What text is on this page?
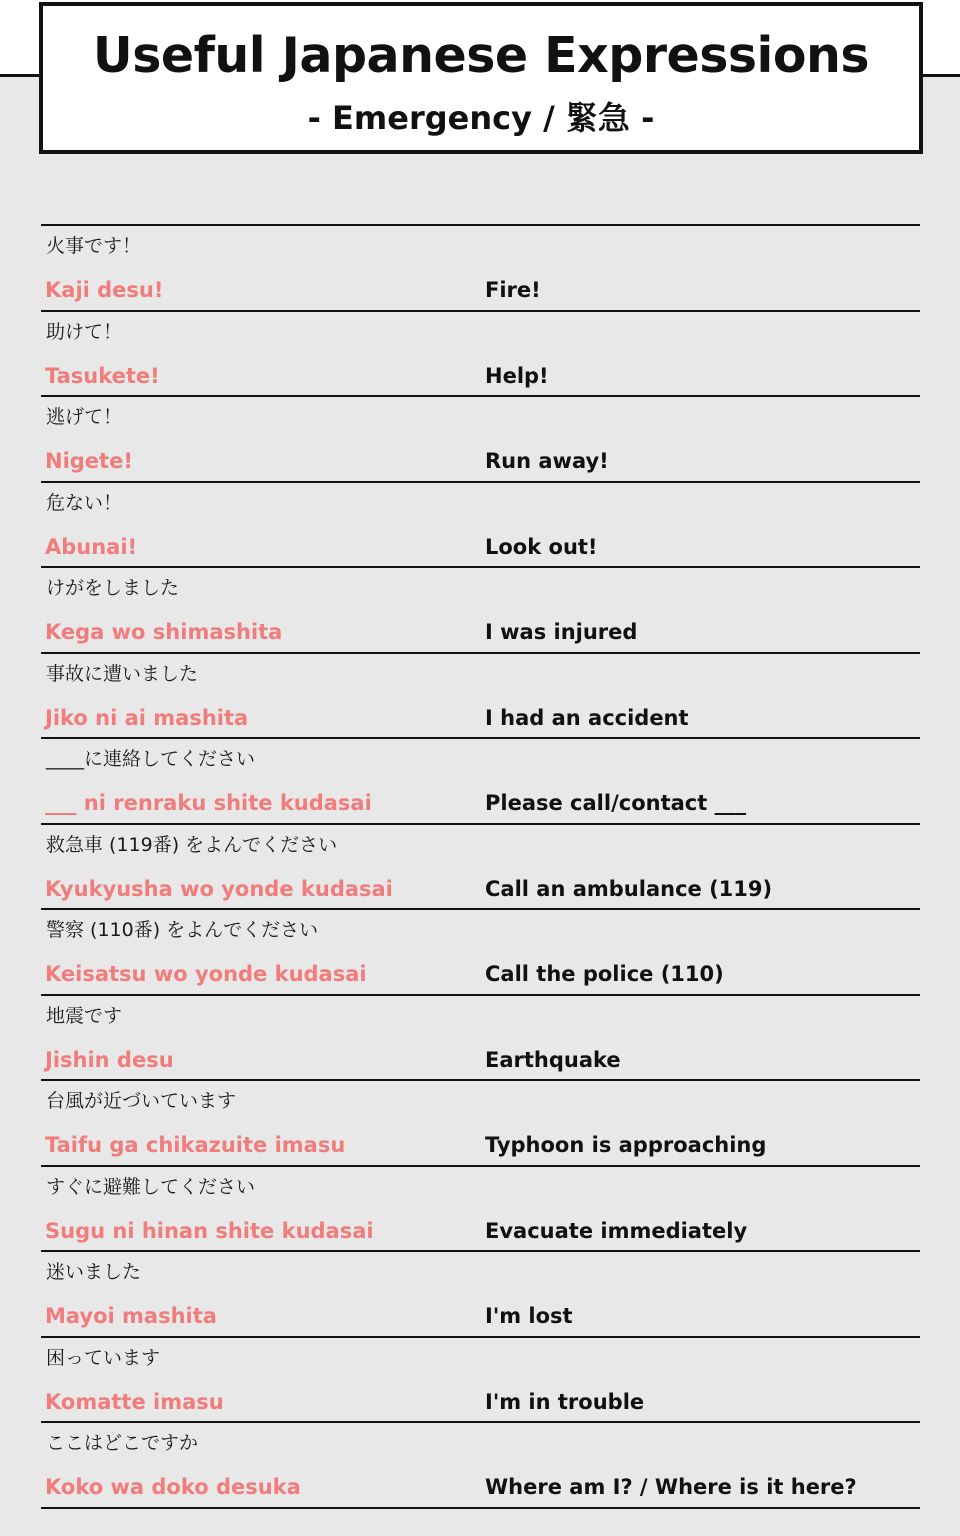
Useful Japanese Expressions
- Emergency / 緊急 -
火事です！
Kaji desu!	Fire!
助けて！
Tasukete!	Help!
逃げて！
Nigete!	Run away!
危ない！
Abunai!	Look out!
けがをしました
Kega wo shimashita	I was injured
事故に遭いました
Jiko ni ai mashita	I had an accident
____に連絡してください
___ ni renraku shite kudasai	Please call/contact ___
救急車 (119番) をよんでください
Kyukyusha wo yonde kudasai	Call an ambulance (119)
警察 (110番) をよんでください
Keisatsu wo yonde kudasai	Call the police (110)
地震です
Jishin desu	Earthquake
台風が近づいています
Taifu ga chikazuite imasu	Typhoon is approaching
すぐに避難してください
Sugu ni hinan shite kudasai	Evacuate immediately
迷いました
Mayoi mashita	I'm lost
困っています
Komatte imasu	I'm in trouble
ここはどこですか
Koko wa doko desuka	Where am I? / Where is it here?
